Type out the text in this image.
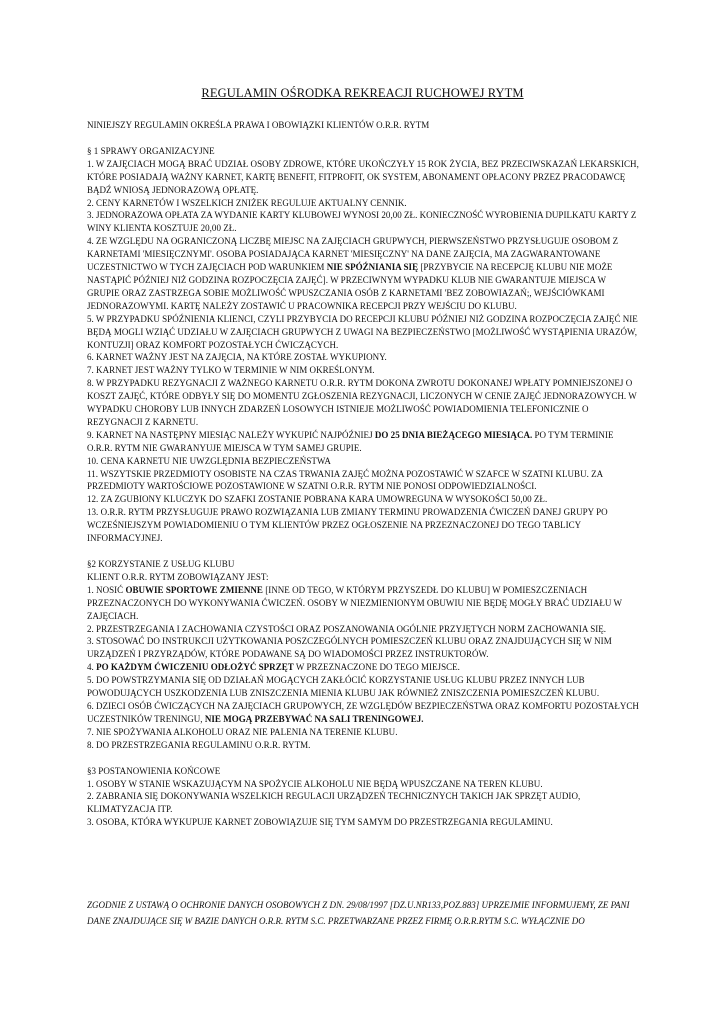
REGULAMIN OŚRODKA REKREACJI RUCHOWEJ RYTM

NINIEJSZY REGULAMIN OKREŚLA PRAWA I OBOWIĄZKI KLIENTÓW O.R.R. RYTM

§ 1 SPRAWY ORGANIZACYJNE

1. W ZAJĘCIACH MOGĄ BRAĆ UDZIAŁ OSOBY ZDROWE, KTÓRE UKOŃCZYŁY 15 ROK ŻYCIA, BEZ PRZECIWSKAZAŃ LEKARSKICH, KTÓRE POSIADAJĄ WAŻNY KARNET, KARTĘ BENEFIT, FITPROFIT, OK SYSTEM, ABONAMENT OPŁACONY PRZEZ PRACODAWCĘ BĄDŹ WNIOSĄ JEDNORAZOWĄ OPŁATĘ.

2. CENY KARNETÓW I WSZELKICH ZNIŻEK REGULUJE AKTUALNY CENNIK.

3. JEDNORAZOWA OPŁATA ZA WYDANIE KARTY KLUBOWEJ WYNOSI 20,00 ZŁ. KONIECZNOŚĆ WYROBIENIA DUPILKATU KARTY Z WINY KLIENTA KOSZTUJE 20,00 ZŁ.

4. ZE WZGLĘDU NA OGRANICZONĄ LICZBĘ MIEJSC NA ZAJĘCIACH GRUPWYCH, PIERWSZEŃSTWO PRZYSŁUGUJE OSOBOM Z KARNETAMI 'MIESIĘCZNYMI'. OSOBA POSIADAJĄCA KARNET 'MIESIĘCZNY' NA DANE ZAJĘCIA, MA ZAGWARANTOWANE UCZESTNICTWO W TYCH ZAJĘCIACH POD WARUNKIEM NIE SPÓŹNIANIA SIĘ [PRZYBYCIE NA RECEPCJĘ KLUBU NIE MOŻE NASTĄPIĆ PÓŹNIEJ NIŻ GODZINA ROZPOCZĘCIA ZAJĘĆ]. W PRZECIWNYM WYPADKU KLUB NIE GWARANTUJE MIEJSCA W GRUPIE ORAZ ZASTRZEGA SOBIE MOŻLIWOŚĆ WPUSZCZANIA OSÓB Z KARNETAMI 'BEZ ZOBOWIAZAŃ;, WEJŚCIÓWKAMI JEDNORAZOWYMI. KARTĘ NALEŻY ZOSTAWIĆ U PRACOWNIKA RECEPCJI PRZY WEJŚCIU DO KLUBU.

5. W PRZYPADKU SPÓŹNIENIA KLIENCI, CZYLI PRZYBYCIA DO RECEPCJI KLUBU PÓŹNIEJ NIŻ GODZINA ROZPOCZĘCIA ZAJĘĆ NIE BĘDĄ MOGLI WZIĄĆ UDZIAŁU W ZAJĘCIACH GRUPWYCH Z UWAGI NA BEZPIECZEŃSTWO [MOŻLIWOŚĆ WYSTĄPIENIA URAZÓW, KONTUZJI] ORAZ KOMFORT POZOSTAŁYCH ĆWICZĄCYCH.

6. KARNET WAŻNY JEST NA ZAJĘCIA, NA KTÓRE ZOSTAŁ WYKUPIONY.

7. KARNET JEST WAŻNY TYLKO W TERMINIE W NIM OKREŚLONYM.

8. W PRZYPADKU REZYGNACJI Z WAŻNEGO KARNETU O.R.R. RYTM DOKONA ZWROTU DOKONANEJ WPŁATY POMNIEJSZONEJ O KOSZT ZAJĘĆ, KTÓRE ODBYŁY SIĘ DO MOMENTU ZGŁOSZENIA REZYGNACJI, LICZONYCH W CENIE ZAJĘĆ JEDNORAZOWYCH. W WYPADKU CHOROBY LUB INNYCH ZDARZEŃ LOSOWYCH ISTNIEJE MOŻLIWOŚĆ POWIADOMIENIA TELEFONICZNIE O REZYGNACJI Z KARNETU.

9. KARNET NA NASTĘPNY MIESIĄC NALEŻY WYKUPIĆ NAJPÓŹNIEJ DO 25 DNIA BIEŻĄCEGO MIESIĄCA. PO TYM TERMINIE O.R.R. RYTM NIE GWARANYUJE MIEJSCA W TYM SAMEJ GRUPIE.

10. CENA KARNETU NIE UWZGLĘDNIA BEZPIECZEŃSTWA

11. WSZYTSKIE PRZEDMIOTY OSOBISTE NA CZAS TRWANIA ZAJĘĆ MOŻNA POZOSTAWIĆ W SZAFCE W SZATNI KLUBU. ZA PRZEDMIOTY WARTOŚCIOWE POZOSTAWIONE W SZATNI O.R.R. RYTM NIE PONOSI ODPOWIEDZIALNOŚCI.

12. ZA ZGUBIONY KLUCZYK DO SZAFKI ZOSTANIE POBRANA KARA UMOWREGUNA W WYSOKOŚCI 50,00 ZŁ.

13. O.R.R. RYTM PRZYSŁUGUJE PRAWO ROZWIĄZANIA LUB ZMIANY TERMINU PROWADZENIA ĆWICZEŃ DANEJ GRUPY PO WCZEŚNIEJSZYM POWIADOMIENIU O TYM KLIENTÓW PRZEZ OGŁOSZENIE NA PRZEZNACZONEJ DO TEGO TABLICY INFORMACYJNEJ.

§2 KORZYSTANIE Z USŁUG KLUBU

KLIENT O.R.R. RYTM ZOBOWIĄZANY JEST:

1. NOSIĆ OBUWIE SPORTOWE ZMIENNE [INNE OD TEGO, W KTÓRYM PRZYSZEDŁ DO KLUBU] W POMIESZCZENIACH PRZEZNACZONYCH DO WYKONYWANIA ĆWICZEŃ. OSOBY W NIEZMIENIONYM OBUWIU NIE BĘDĘ MOGŁY BRAĆ UDZIAŁU W ZAJĘCIACH.

2. PRZESTRZEGANIA I ZACHOWANIA CZYSTOŚCI ORAZ POSZANOWANIA OGÓLNIE PRZYJĘTYCH NORM ZACHOWANIA SIĘ.

3. STOSOWAĆ DO INSTRUKCJI UŻYTKOWANIA POSZCZEGÓLNYCH POMIESZCZEŃ KLUBU ORAZ ZNAJDUJĄCYCH SIĘ W NIM URZĄDZEŃ I PRZYRZĄDÓW, KTÓRE PODAWANE SĄ DO WIADOMOŚCI PRZEZ INSTRUKTORÓW.

4. PO KAŻDYM ĆWICZENIU ODŁOŻYĆ SPRZĘT W PRZEZNACZONE DO TEGO MIEJSCE.

5. DO POWSTRZYMANIA SIĘ OD DZIAŁAŃ MOGĄCYCH ZAKŁÓCIĆ KORZYSTANIE USŁUG KLUBU PRZEZ INNYCH LUB POWODUJĄCYCH USZKODZENIA LUB ZNISZCZENIA MIENIA KLUBU JAK RÓWNIEŻ ZNISZCZENIA POMIESZCZEŃ KLUBU.

6. DZIECI OSÓB ĆWICZĄCYCH NA ZAJĘCIACH GRUPOWYCH, ZE WZGLĘDÓW BEZPIECZEŃSTWA ORAZ KOMFORTU POZOSTAŁYCH UCZESTNIKÓW TRENINGU, NIE MOGĄ PRZEBYWAĆ NA SALI TRENINGOWEJ.

7. NIE SPOŻYWANIA ALKOHOLU ORAZ NIE PALENIA NA TERENIE KLUBU.

8. DO PRZESTRZEGANIA REGULAMINU O.R.R. RYTM.

§3 POSTANOWIENIA KOŃCOWE

1. OSOBY W STANIE WSKAZUJĄCYM NA SPOŻYCIE ALKOHOLU NIE BĘDĄ WPUSZCZANE NA TEREN KLUBU.

2. ZABRANIA SIĘ DOKONYWANIA WSZELKICH REGULACJI URZĄDZEŃ TECHNICZNYCH TAKICH JAK SPRZĘT AUDIO, KLIMATYZACJA ITP.

3. OSOBA, KTÓRA WYKUPUJE KARNET ZOBOWIĄZUJE SIĘ TYM SAMYM DO PRZESTRZEGANIA REGULAMINU.

ZGODNIE Z USTAWĄ O OCHRONIE DANYCH OSOBOWYCH Z DN. 29/08/1997 [DZ.U.NR133,POZ.883] UPRZEJMIE INFORMUJEMY, ZE PANI DANE ZNAJDUJĄCE SIĘ W BAZIE DANYCH O.R.R. RYTM S.C. PRZETWARZANE PRZEZ FIRMĘ O.R.R.RYTM S.C. WYŁĄCZNIE DO
